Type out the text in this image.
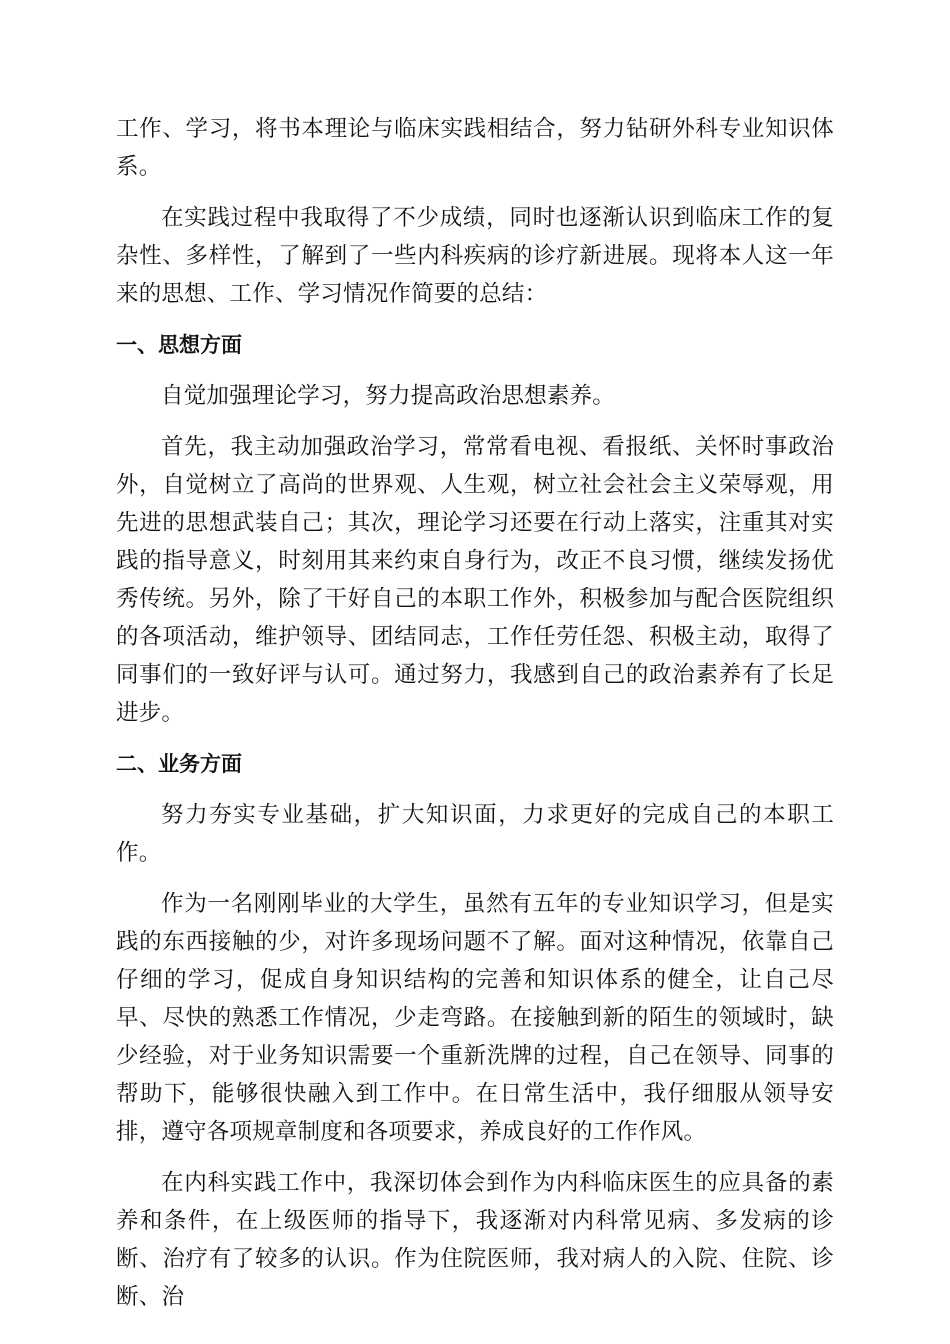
工作、学习，将书本理论与临床实践相结合，努力钻研外科专业知识体系。

在实践过程中我取得了不少成绩，同时也逐渐认识到临床工作的复杂性、多样性，了解到了一些内科疾病的诊疗新进展。现将本人这一年来的思想、工作、学习情况作简要的总结：

一、思想方面

自觉加强理论学习，努力提高政治思想素养。

首先，我主动加强政治学习，常常看电视、看报纸、关怀时事政治外，自觉树立了高尚的世界观、人生观，树立社会社会主义荣辱观，用先进的思想武装自己；其次，理论学习还要在行动上落实，注重其对实践的指导意义，时刻用其来约束自身行为，改正不良习惯，继续发扬优秀传统。另外，除了干好自己的本职工作外，积极参加与配合医院组织的各项活动，维护领导、团结同志，工作任劳任怨、积极主动，取得了同事们的一致好评与认可。通过努力，我感到自己的政治素养有了长足进步。

二、业务方面

努力夯实专业基础，扩大知识面，力求更好的完成自己的本职工作。

作为一名刚刚毕业的大学生，虽然有五年的专业知识学习，但是实践的东西接触的少，对许多现场问题不了解。面对这种情况，依靠自己仔细的学习，促成自身知识结构的完善和知识体系的健全，让自己尽早、尽快的熟悉工作情况，少走弯路。在接触到新的陌生的领域时，缺少经验，对于业务知识需要一个重新洗牌的过程，自己在领导、同事的帮助下，能够很快融入到工作中。在日常生活中，我仔细服从领导安排，遵守各项规章制度和各项要求，养成良好的工作作风。

在内科实践工作中，我深切体会到作为内科临床医生的应具备的素养和条件，在上级医师的指导下，我逐渐对内科常见病、多发病的诊断、治疗有了较多的认识。作为住院医师，我对病人的入院、住院、诊断、治
